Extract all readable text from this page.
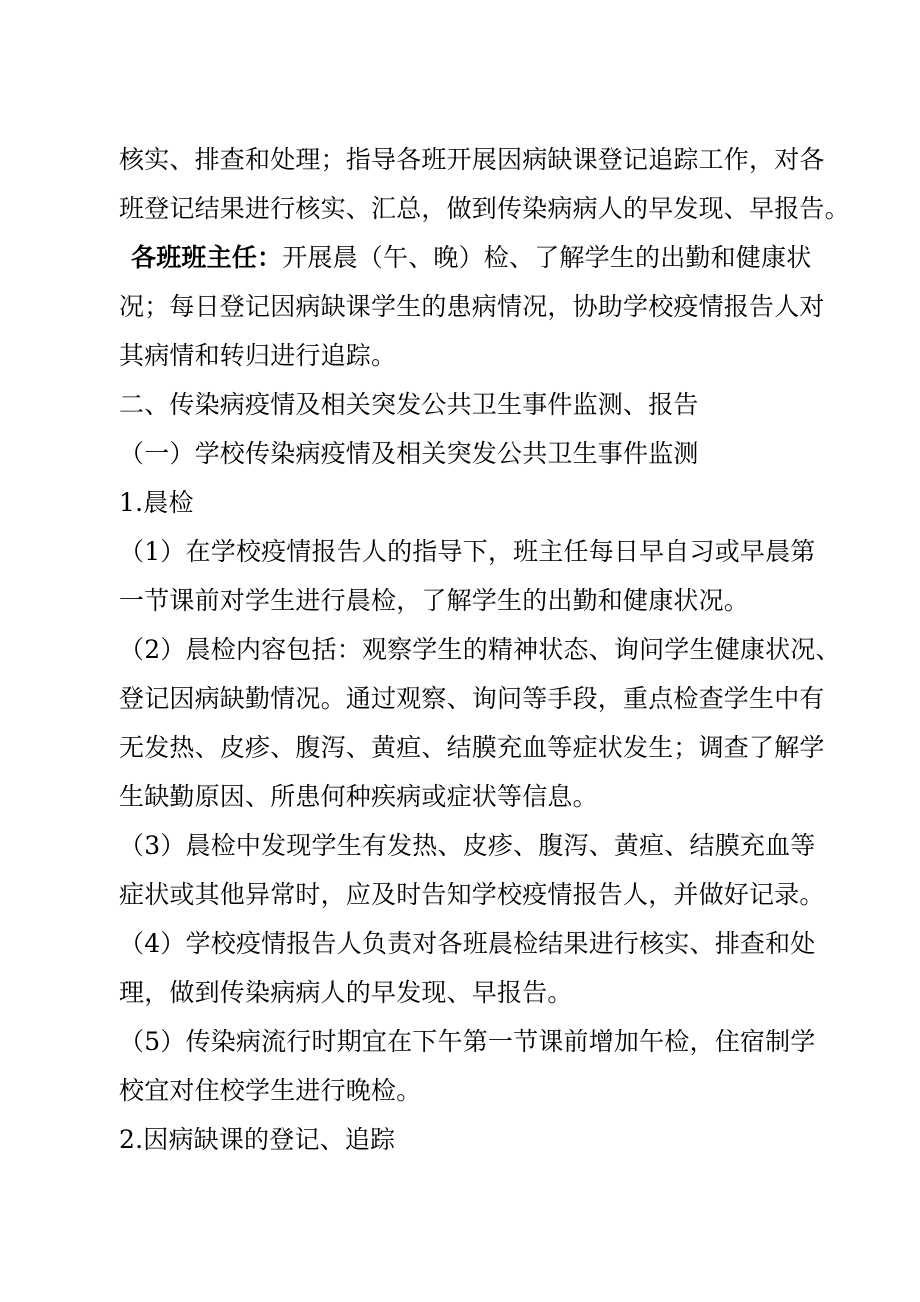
核实、排查和处理；指导各班开展因病缺课登记追踪工作，对各
班登记结果进行核实、汇总，做到传染病病人的早发现、早报告。
各班班主任：开展晨（午、晚）检、了解学生的出勤和健康状
况；每日登记因病缺课学生的患病情况，协助学校疫情报告人对
其病情和转归进行追踪。
二、传染病疫情及相关突发公共卫生事件监测、报告
（一）学校传染病疫情及相关突发公共卫生事件监测
1.晨检
（1）在学校疫情报告人的指导下，班主任每日早自习或早晨第
一节课前对学生进行晨检，了解学生的出勤和健康状况。
（2）晨检内容包括：观察学生的精神状态、询问学生健康状况、
登记因病缺勤情况。通过观察、询问等手段，重点检查学生中有
无发热、皮疹、腹泻、黄疸、结膜充血等症状发生；调查了解学
生缺勤原因、所患何种疾病或症状等信息。
（3）晨检中发现学生有发热、皮疹、腹泻、黄疸、结膜充血等
症状或其他异常时，应及时告知学校疫情报告人，并做好记录。
（4）学校疫情报告人负责对各班晨检结果进行核实、排查和处
理，做到传染病病人的早发现、早报告。
（5）传染病流行时期宜在下午第一节课前增加午检，住宿制学
校宜对住校学生进行晚检。
2.因病缺课的登记、追踪
